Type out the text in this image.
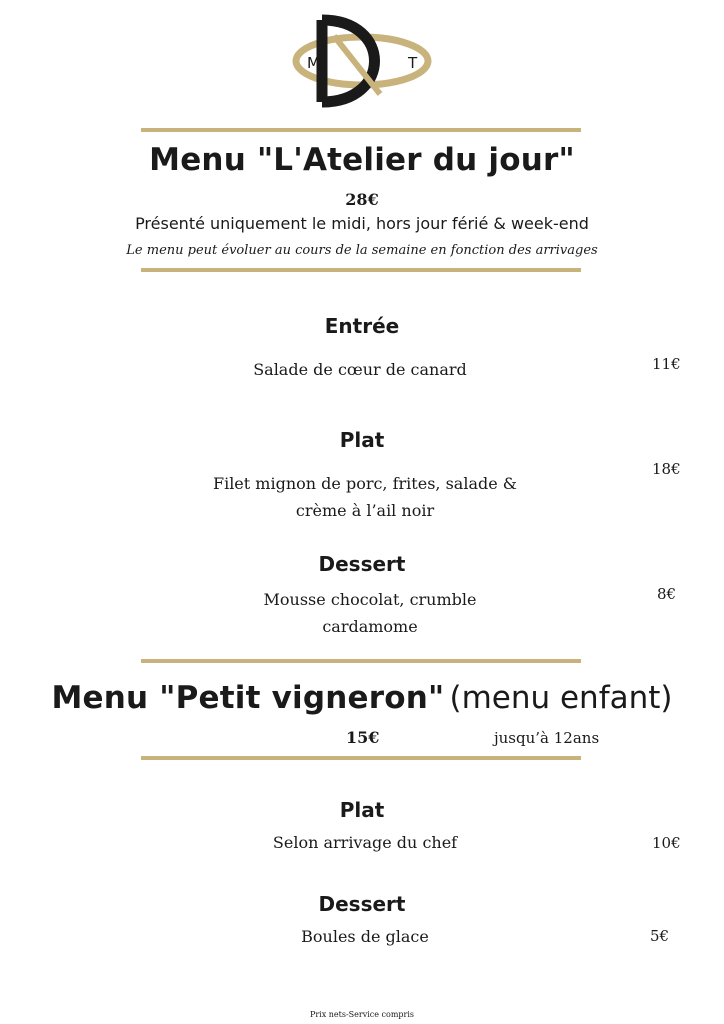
M	T
Menu "L'Atelier du jour"
28€
Présenté uniquement le midi, hors jour férié & week-end
Le menu peut évoluer au cours de la semaine en fonction des arrivages
Entrée
Salade de cœur de canard	11€
Plat
Filet mignon de porc, frites, salade &
crème à l’ail noir
18€
Dessert
Mousse chocolat, crumble
cardamome
8€
Menu "Petit vigneron" (menu enfant)
15€	jusqu’à 12ans
Plat
Selon arrivage du chef	10€
Dessert
Boules de glace	5€
Prix nets-Service compris
